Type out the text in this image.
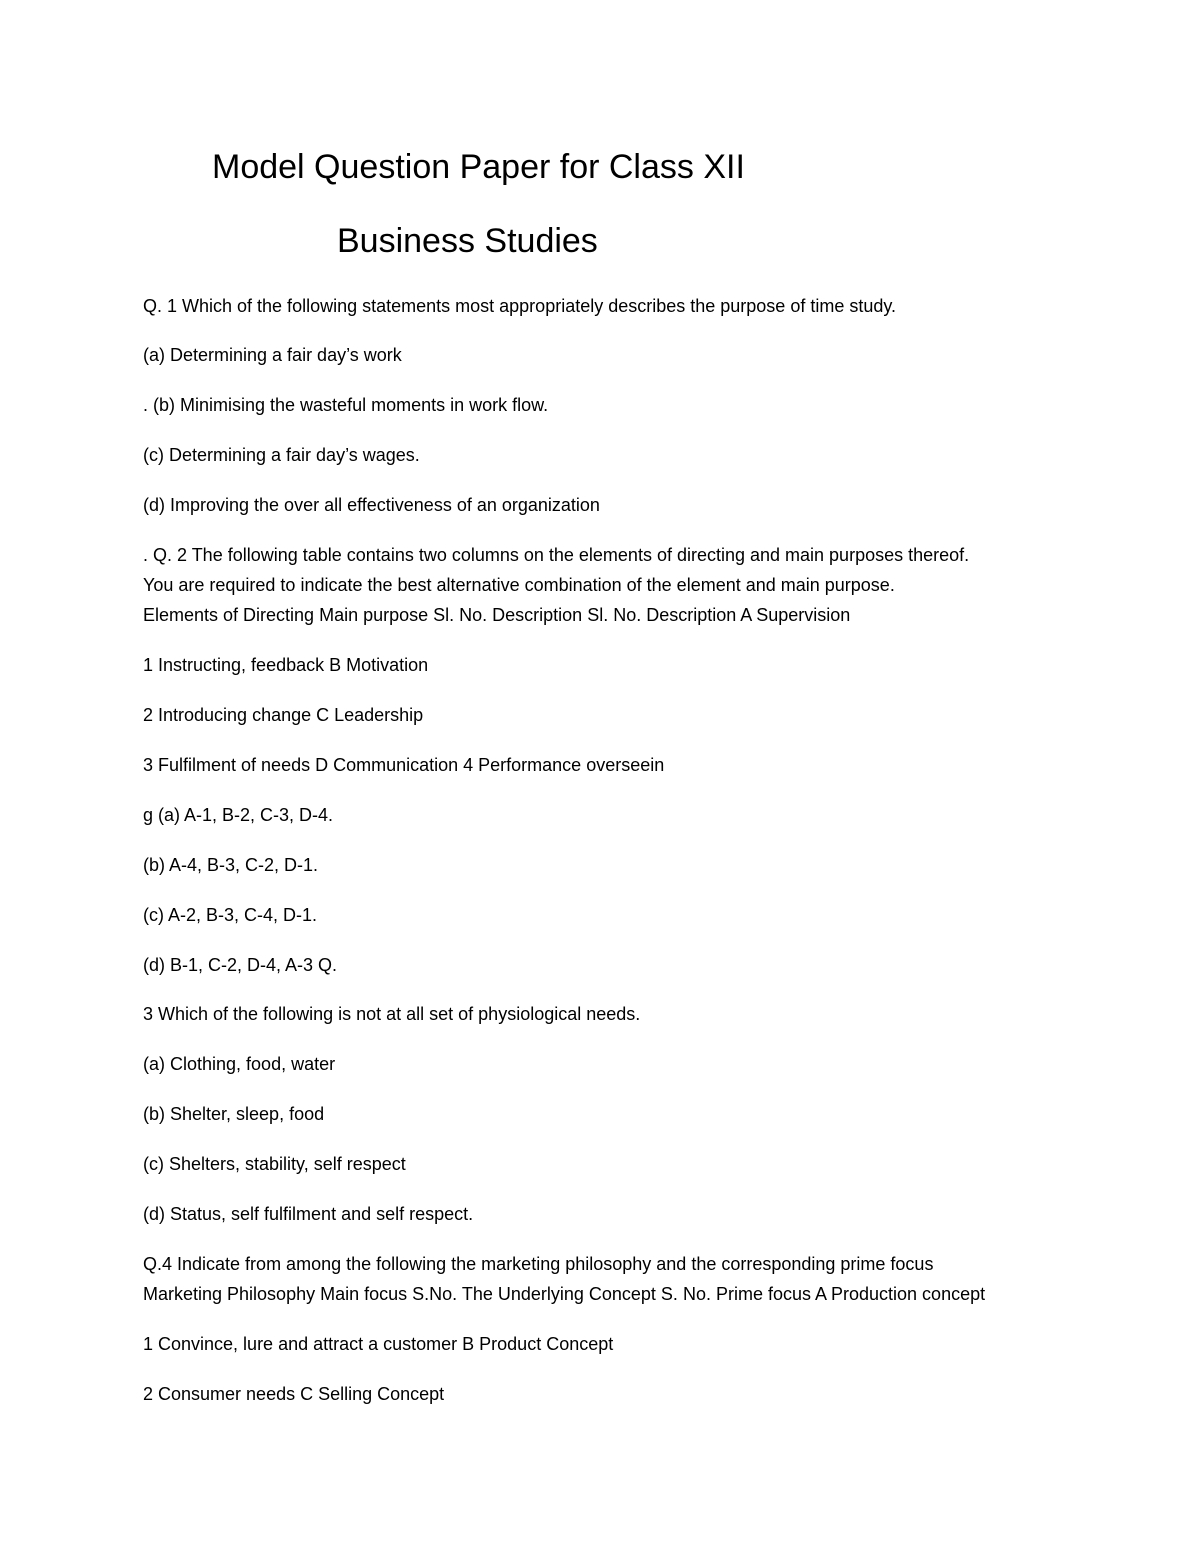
Model Question Paper for Class XII
Business Studies
Q. 1 Which of the following statements most appropriately describes the purpose of time study.
(a) Determining a fair day’s work
. (b) Minimising the wasteful moments in work flow.
(c) Determining a fair day’s wages.
(d) Improving the over all effectiveness of an organization
. Q. 2 The following table contains two columns on the elements of directing and main purposes thereof.
You are required to indicate the best alternative combination of the element and main purpose.
Elements of Directing Main purpose Sl. No. Description Sl. No. Description A Supervision
1 Instructing, feedback B Motivation
2 Introducing change C Leadership
3 Fulfilment of needs D Communication 4 Performance overseein
g (a) A-1, B-2, C-3, D-4.
(b) A-4, B-3, C-2, D-1.
(c) A-2, B-3, C-4, D-1.
(d) B-1, C-2, D-4, A-3 Q.
3 Which of the following is not at all set of physiological needs.
(a) Clothing, food, water
(b) Shelter, sleep, food
(c) Shelters, stability, self respect
(d) Status, self fulfilment and self respect.
Q.4 Indicate from among the following the marketing philosophy and the corresponding prime focus
Marketing Philosophy Main focus S.No. The Underlying Concept S. No. Prime focus A Production concept
1 Convince, lure and attract a customer B Product Concept
2 Consumer needs C Selling Concept
